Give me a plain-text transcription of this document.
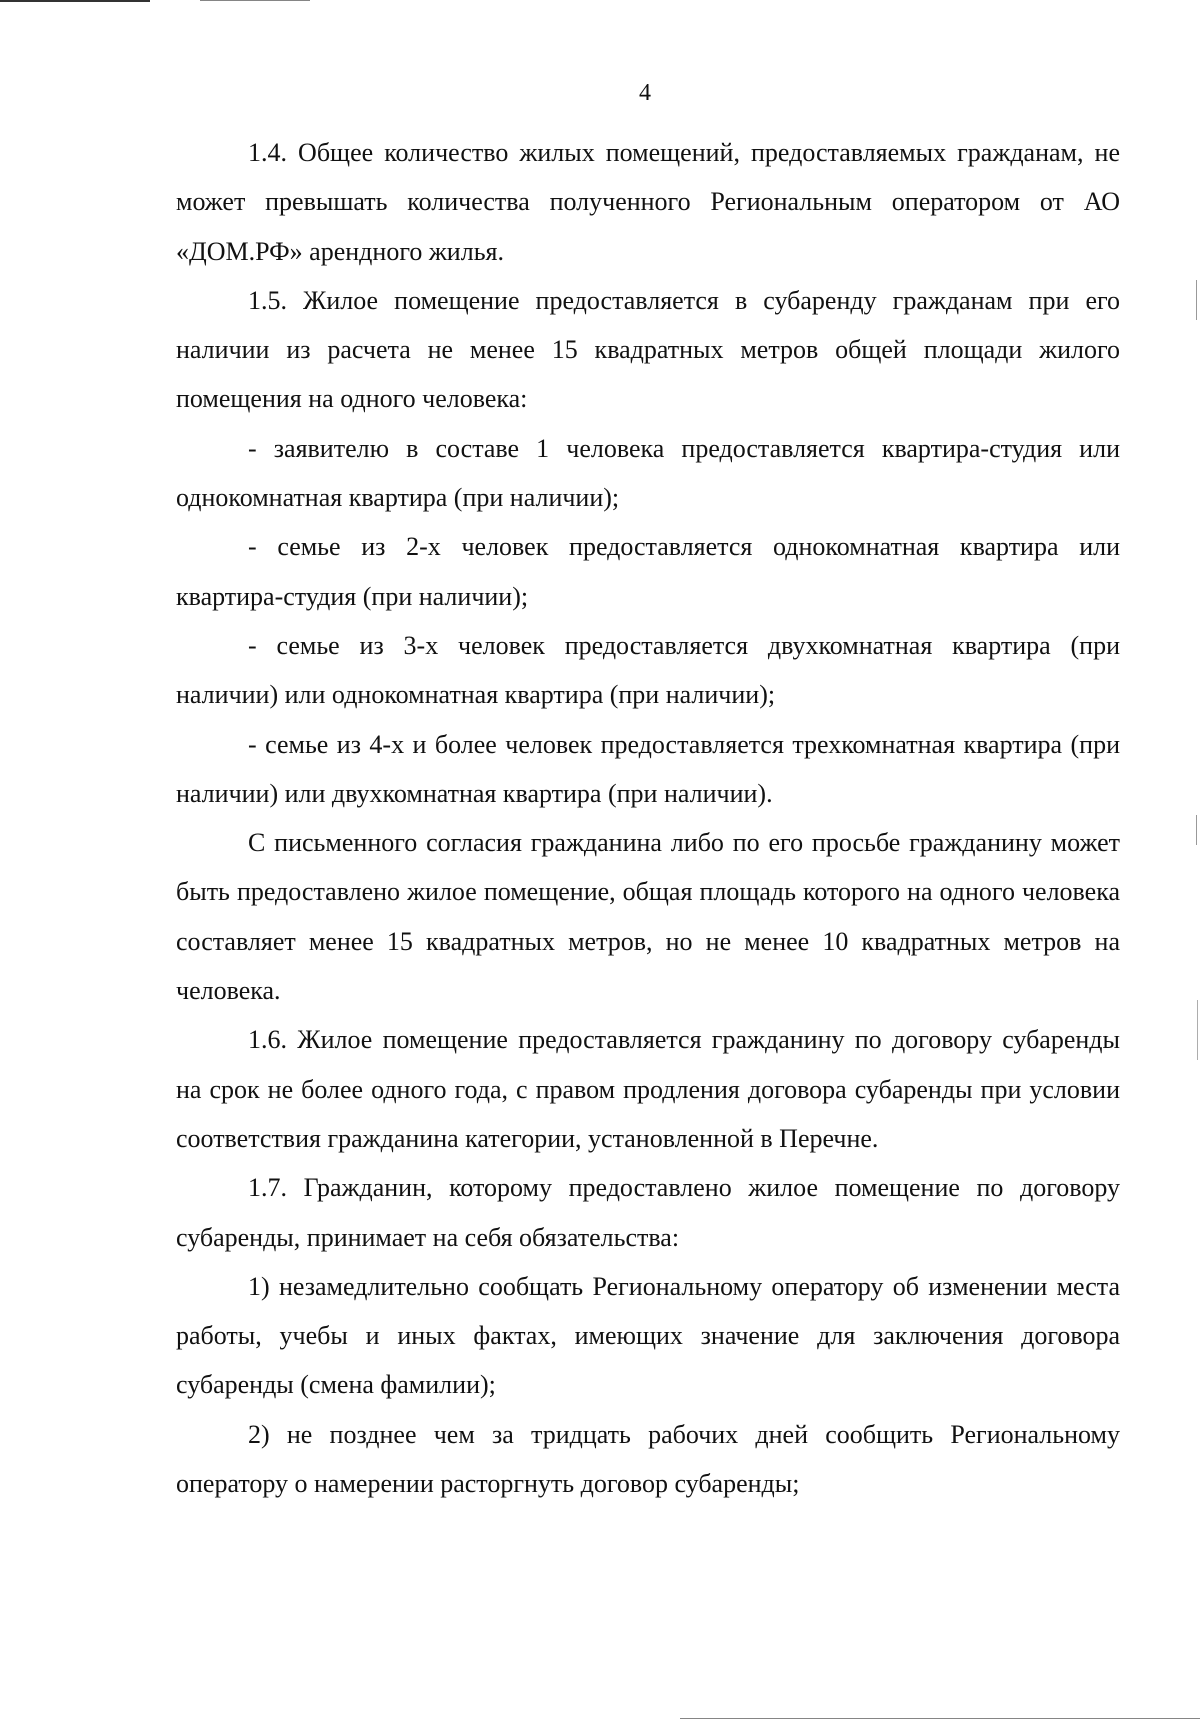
4

1.4. Общее количество жилых помещений, предоставляемых гражданам, не может превышать количества полученного Региональным оператором от АО «ДОМ.РФ» арендного жилья.

1.5. Жилое помещение предоставляется в субаренду гражданам при его наличии из расчета не менее 15 квадратных метров общей площади жилого помещения на одного человека:

- заявителю в составе 1 человека предоставляется квартира-студия или однокомнатная квартира (при наличии);

- семье из 2-х человек предоставляется однокомнатная квартира или квартира-студия (при наличии);

- семье из 3-х человек предоставляется двухкомнатная квартира (при наличии) или однокомнатная квартира (при наличии);

- семье из 4-х и более человек предоставляется трехкомнатная квартира (при наличии) или двухкомнатная квартира (при наличии).

С письменного согласия гражданина либо по его просьбе гражданину может быть предоставлено жилое помещение, общая площадь которого на одного человека составляет менее 15 квадратных метров, но не менее 10 квадратных метров на человека.

1.6. Жилое помещение предоставляется гражданину по договору субаренды на срок не более одного года, с правом продления договора субаренды при условии соответствия гражданина категории, установленной в Перечне.

1.7. Гражданин, которому предоставлено жилое помещение по договору субаренды, принимает на себя обязательства:

1) незамедлительно сообщать Региональному оператору об изменении места работы, учебы и иных фактах, имеющих значение для заключения договора субаренды (смена фамилии);

2) не позднее чем за тридцать рабочих дней сообщить Региональному оператору о намерении расторгнуть договор субаренды;
